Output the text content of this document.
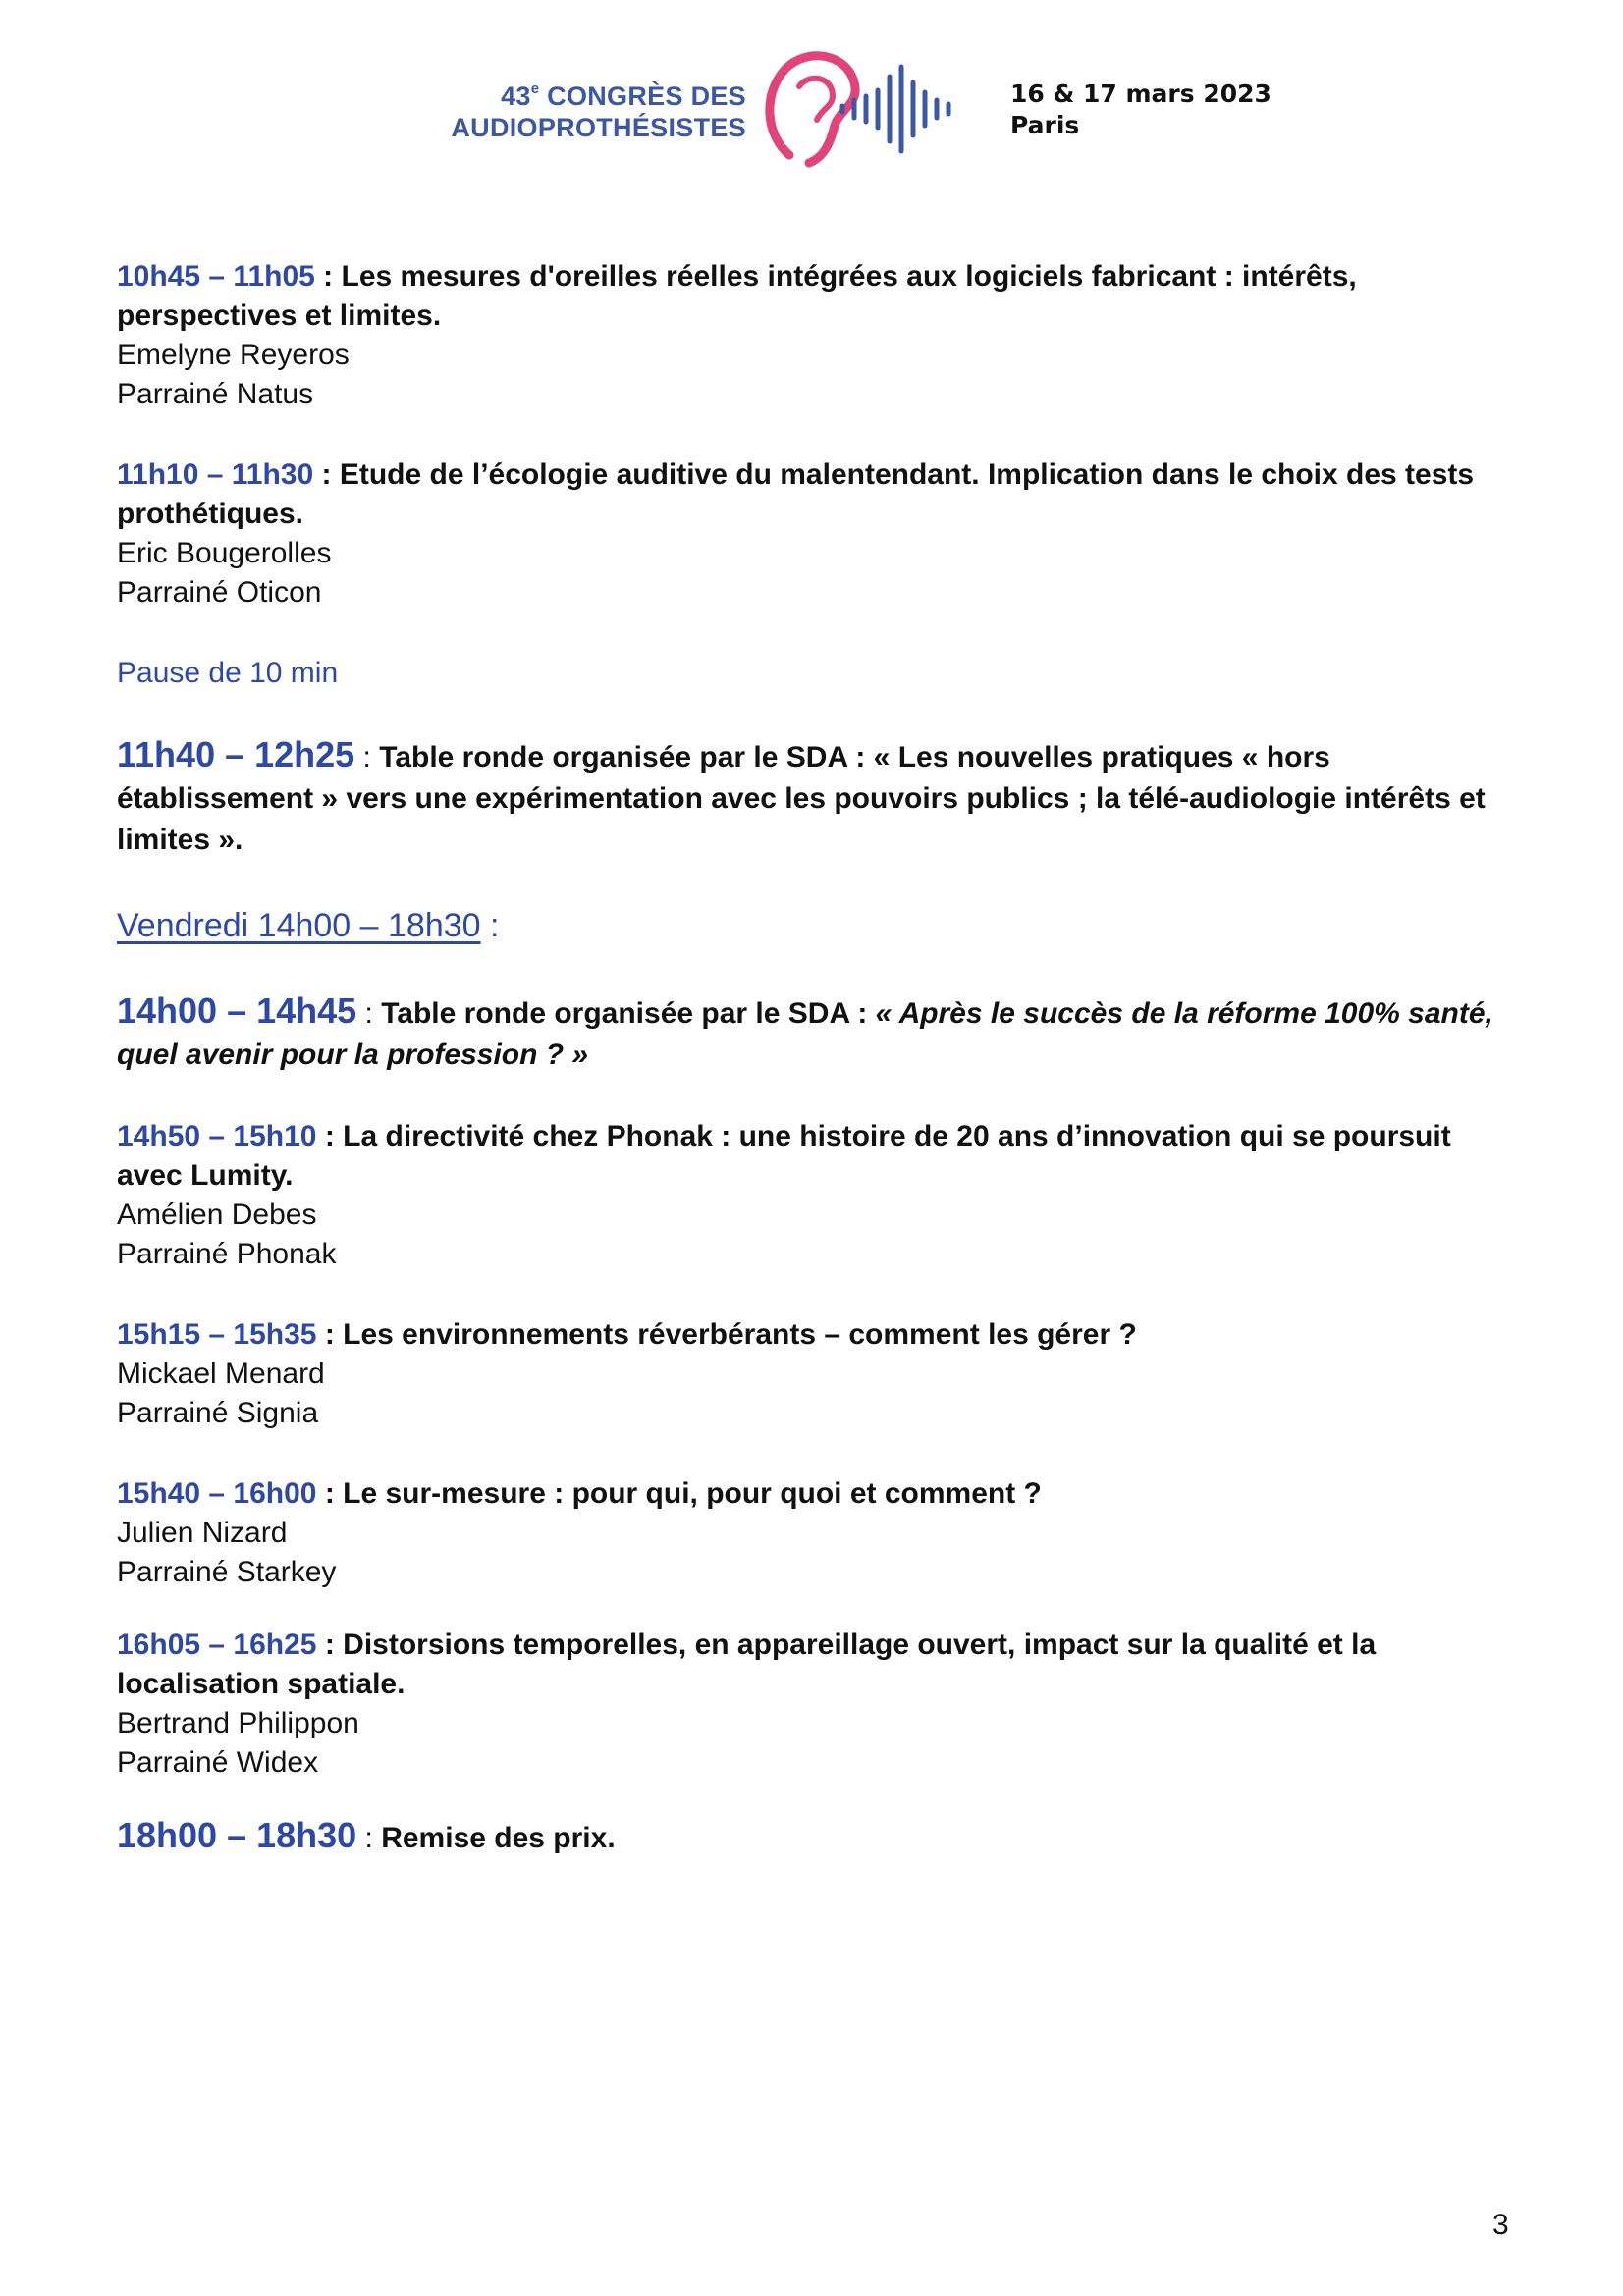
43e CONGRÈS DES
AUDIOPROTHÉSISTES
16 & 17 mars 2023
Paris
10h45 – 11h05 : Les mesures d'oreilles réelles intégrées aux logiciels fabricant : intérêts, perspectives et limites.
Emelyne Reyeros
Parrainé Natus
11h10 – 11h30 : Etude de l’écologie auditive du malentendant. Implication dans le choix des tests prothétiques.
Eric Bougerolles
Parrainé Oticon
Pause de 10 min
11h40 – 12h25 : Table ronde organisée par le SDA : « Les nouvelles pratiques « hors établissement » vers une expérimentation avec les pouvoirs publics ; la télé-audiologie intérêts et limites ».
Vendredi 14h00 – 18h30 :
14h00 – 14h45 : Table ronde organisée par le SDA : « Après le succès de la réforme 100% santé, quel avenir pour la profession ? »
14h50 – 15h10 : La directivité chez Phonak : une histoire de 20 ans d’innovation qui se poursuit avec Lumity.
Amélien Debes
Parrainé Phonak
15h15 – 15h35 : Les environnements réverbérants – comment les gérer ?
Mickael Menard
Parrainé Signia
15h40 – 16h00 : Le sur-mesure : pour qui, pour quoi et comment ?
Julien Nizard
Parrainé Starkey
16h05 – 16h25 : Distorsions temporelles, en appareillage ouvert, impact sur la qualité et la localisation spatiale.
Bertrand Philippon
Parrainé Widex
18h00 – 18h30 : Remise des prix.
3
